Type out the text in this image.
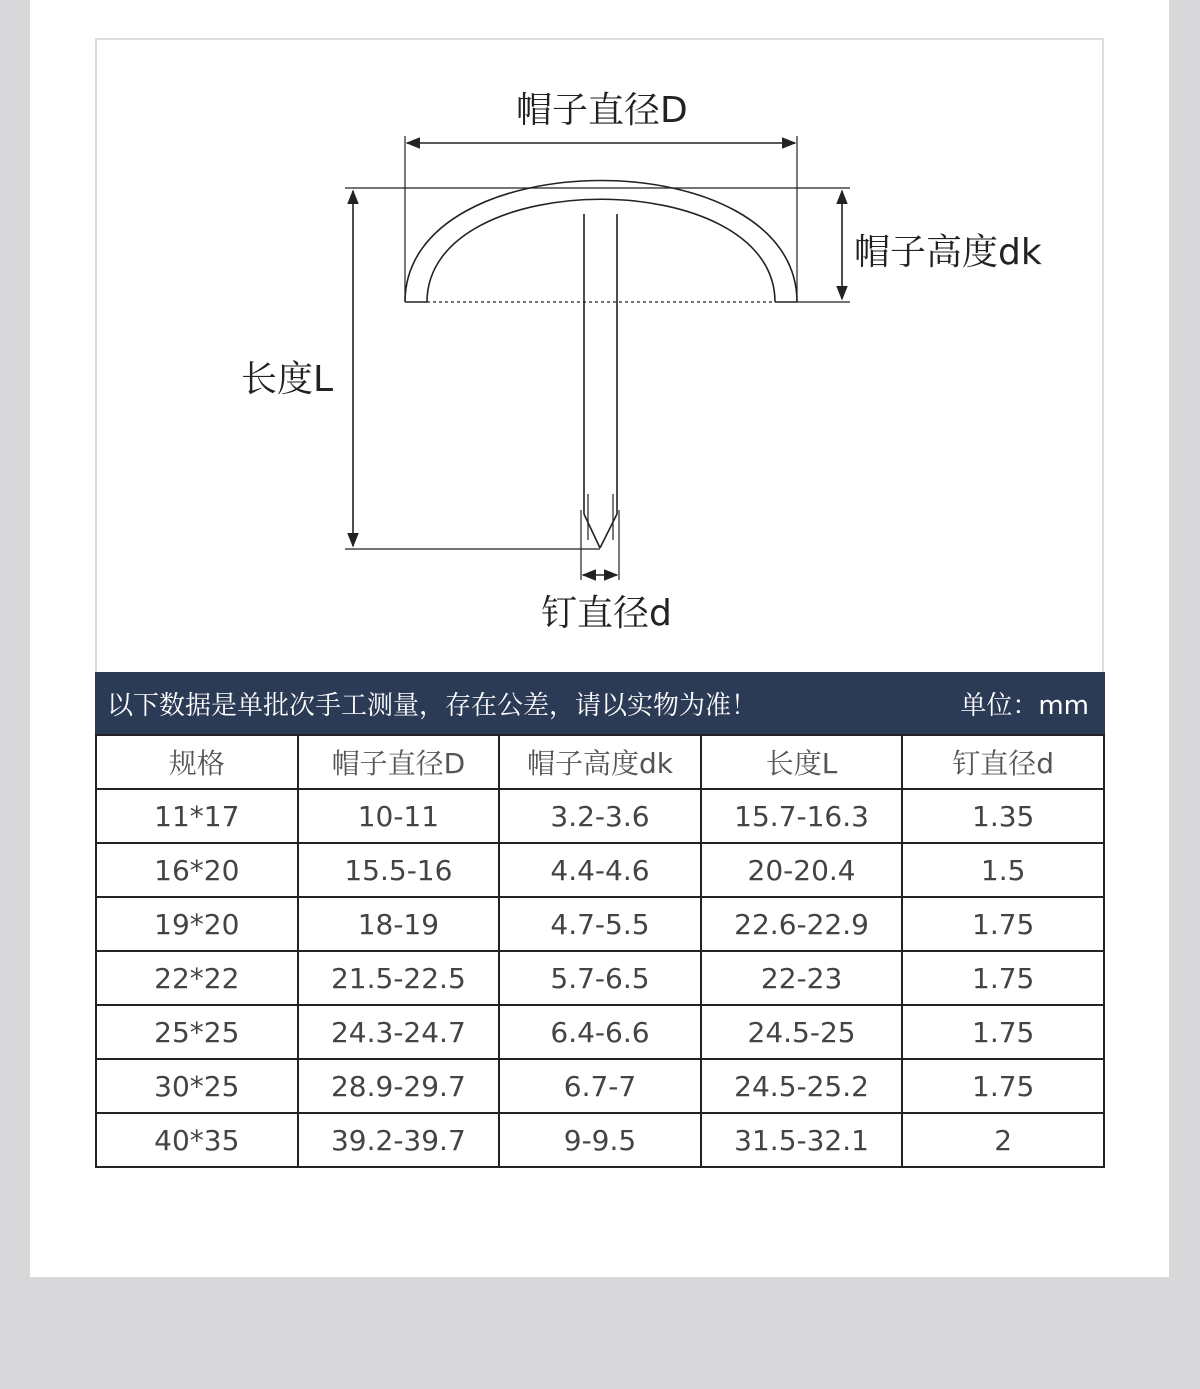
帽子直径D
帽子高度dk
长度L
钉直径d
以下数据是单批次手工测量，存在公差，请以实物为准！	单位：mm
规格	帽子直径D	帽子高度dk	长度L	钉直径d
11*17	10-11	3.2-3.6	15.7-16.3	1.35
16*20	15.5-16	4.4-4.6	20-20.4	1.5
19*20	18-19	4.7-5.5	22.6-22.9	1.75
22*22	21.5-22.5	5.7-6.5	22-23	1.75
25*25	24.3-24.7	6.4-6.6	24.5-25	1.75
30*25	28.9-29.7	6.7-7	24.5-25.2	1.75
40*35	39.2-39.7	9-9.5	31.5-32.1	2
